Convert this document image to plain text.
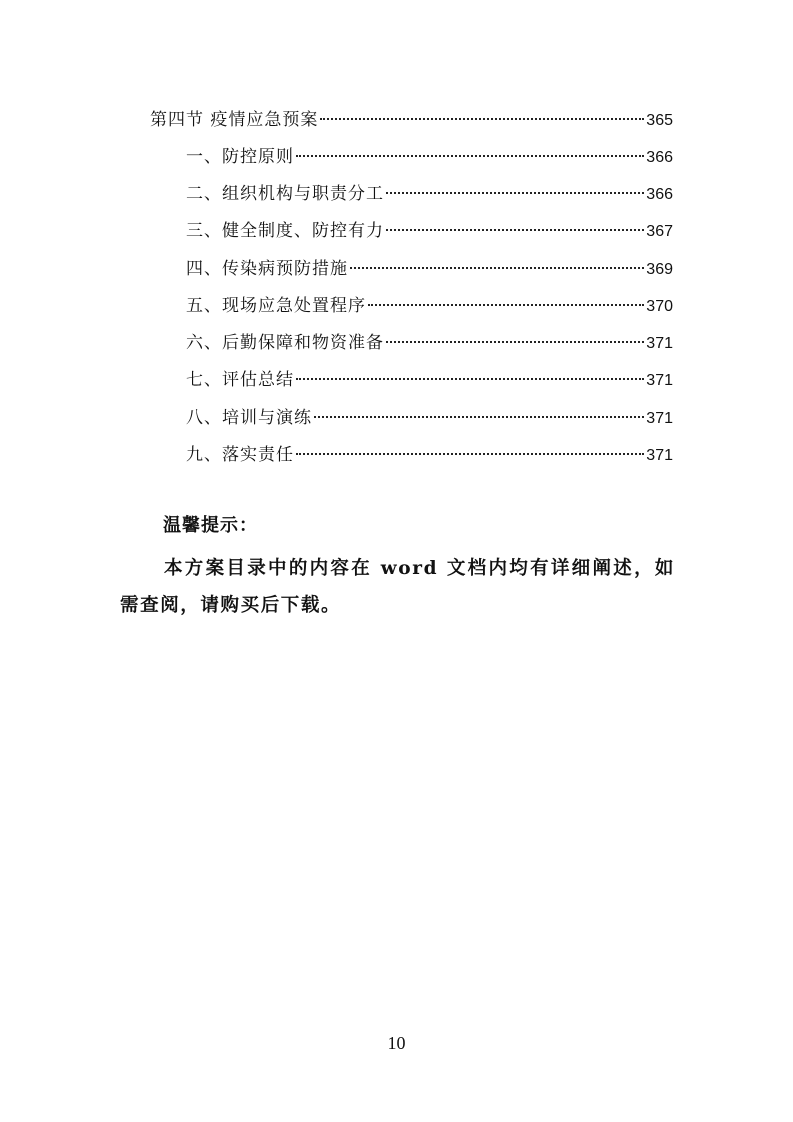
第四节 疫情应急预案	365
一、防控原则	366
二、组织机构与职责分工	366
三、健全制度、防控有力	367
四、传染病预防措施	369
五、现场应急处置程序	370
六、后勤保障和物资准备	371
七、评估总结	371
八、培训与演练	371
九、落实责任	371
温馨提示：
本方案目录中的内容在 word 文档内均有详细阐述，如需查阅，请购买后下载。
10
